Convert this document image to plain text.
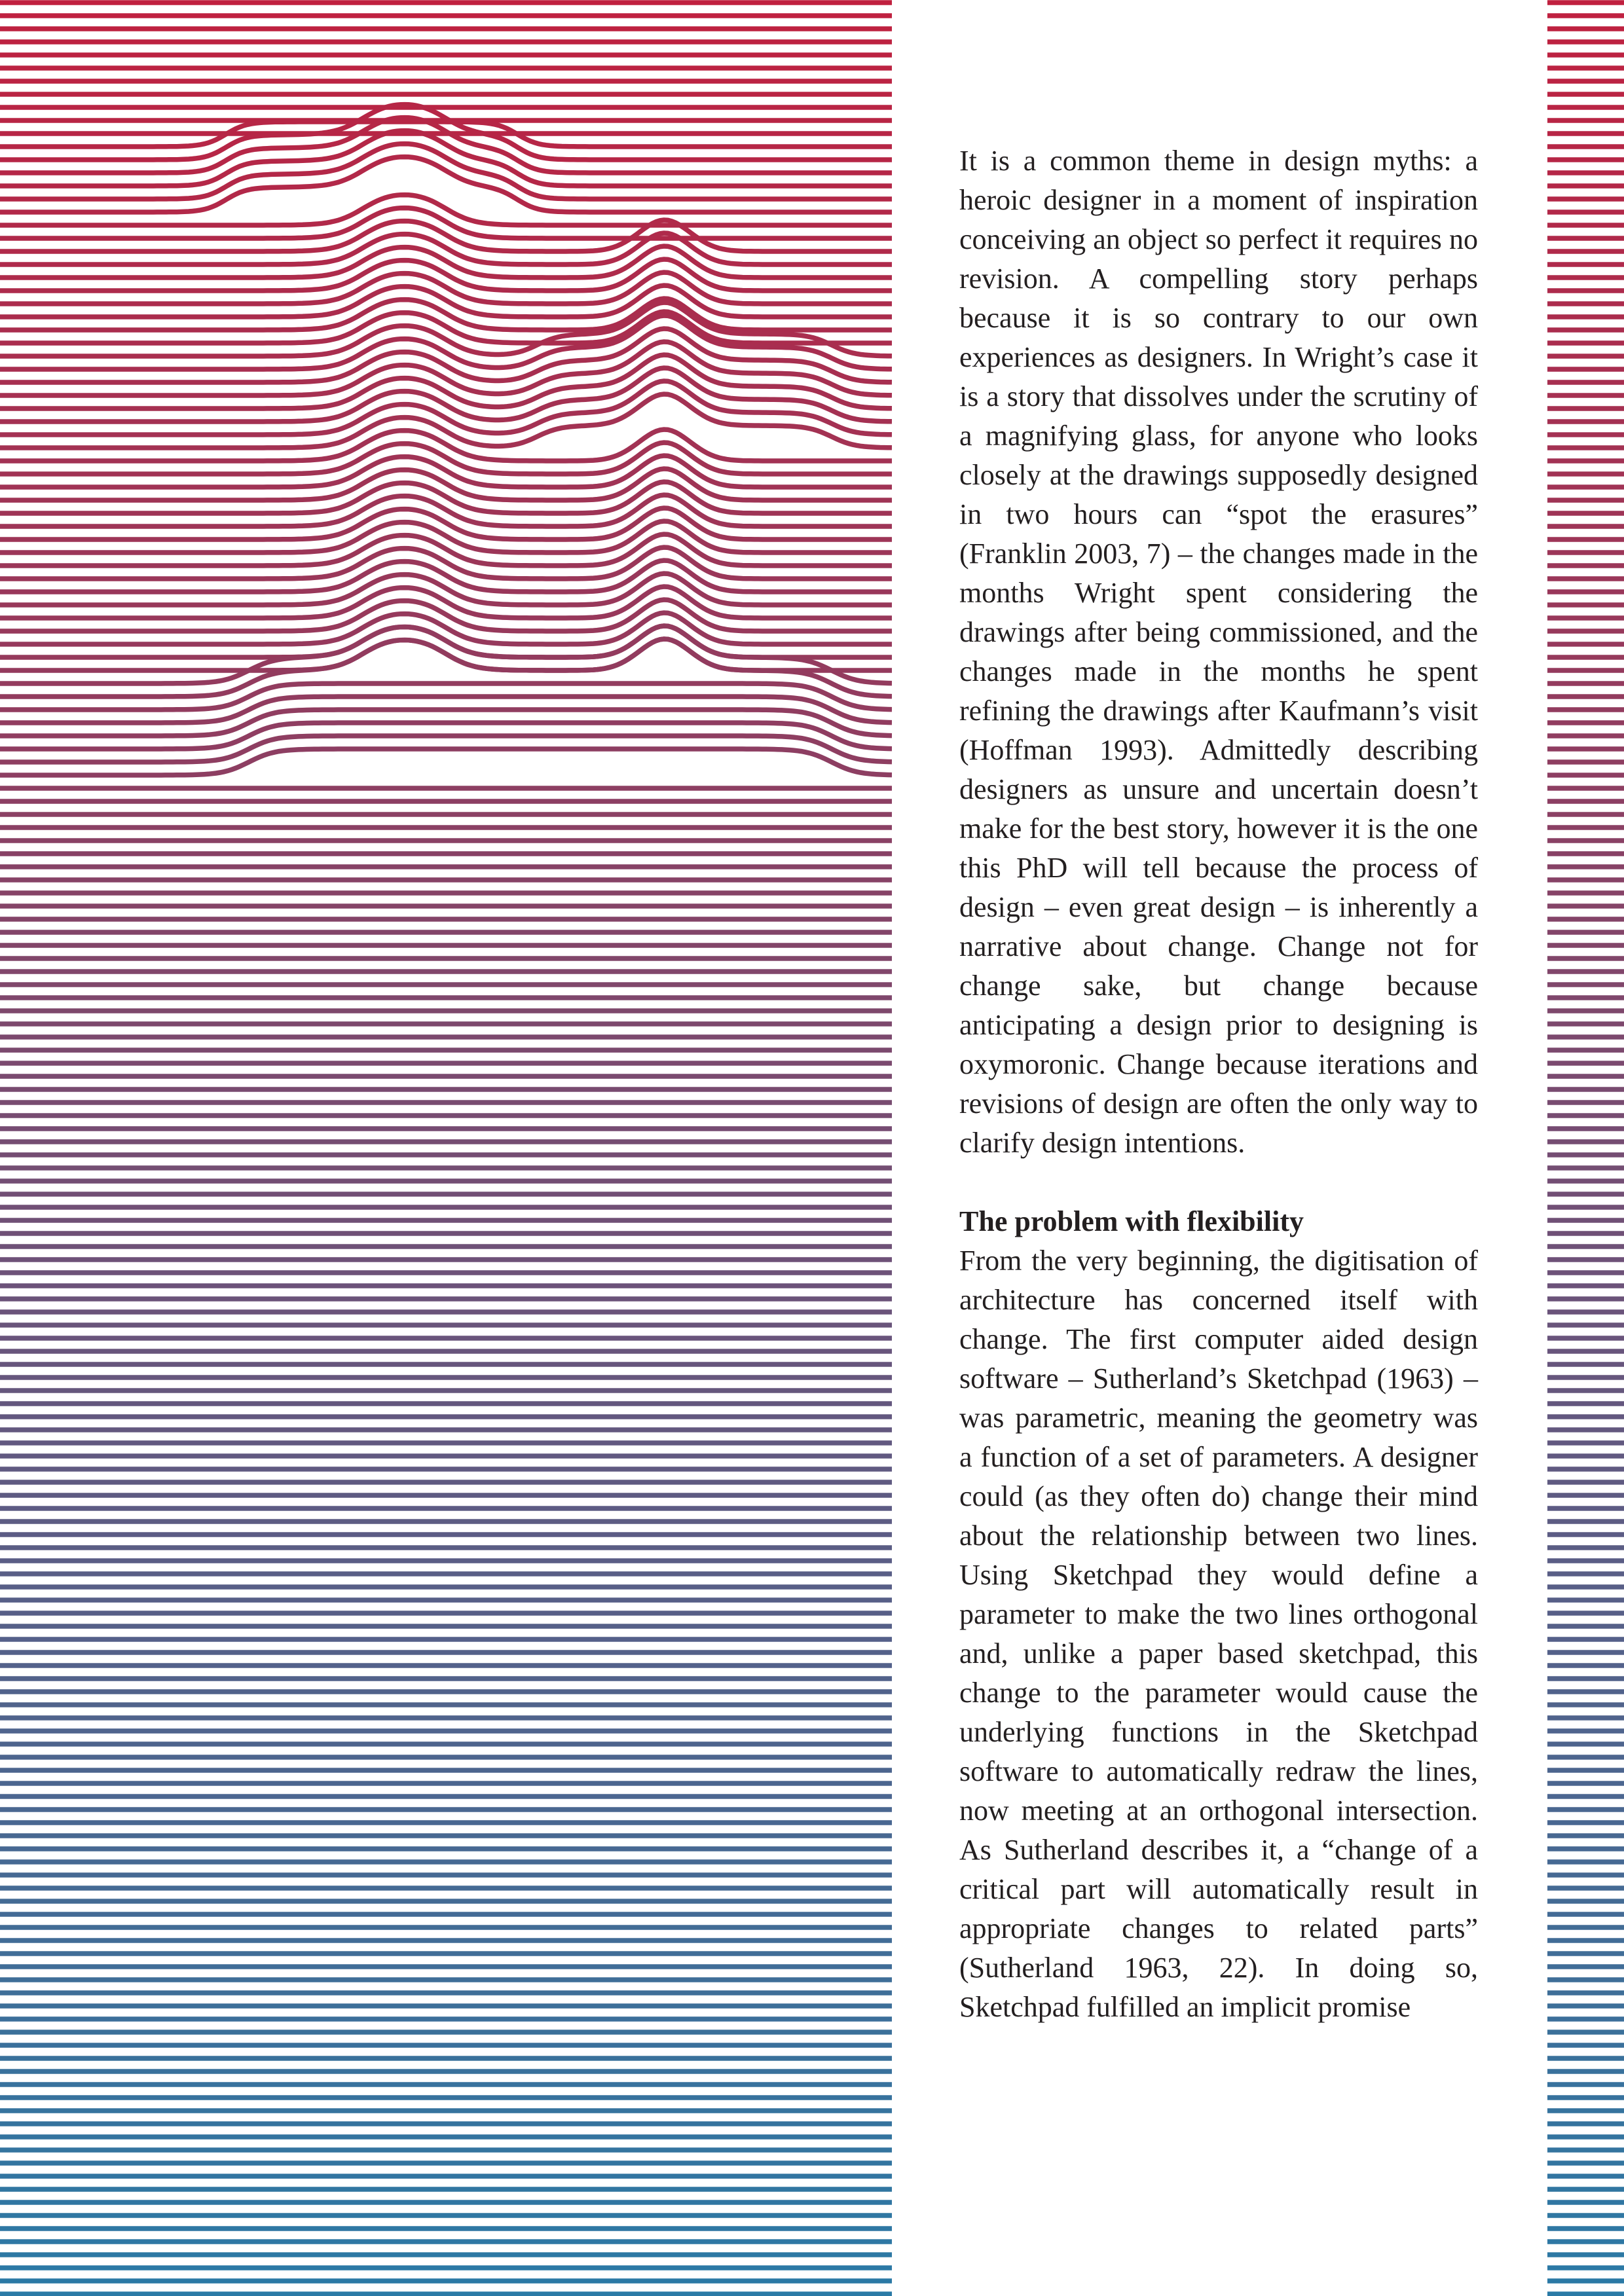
It is a common theme in design myths: a heroic designer in a moment of inspiration conceiving an object so perfect it requires no revision. A compelling story perhaps because it is so contrary to our own experiences as designers. In Wright’s case it is a story that dissolves under the scrutiny of a magnifying glass, for anyone who looks closely at the drawings supposedly designed in two hours can “spot the erasures” (Franklin 2003, 7) – the changes made in the months Wright spent considering the drawings after being commissioned, and the changes made in the months he spent refining the drawings after Kaufmann’s visit (Hoffman 1993). Admittedly describing designers as unsure and uncertain doesn’t make for the best story, however it is the one this PhD will tell because the process of design – even great design – is inherently a narrative about change. Change not for change sake, but change because anticipating a design prior to designing is oxymoronic. Change because iterations and revisions of design are often the only way to clarify design intentions.

The problem with flexibility

From the very beginning, the digitisation of architecture has concerned itself with change. The first computer aided design software – Sutherland’s Sketchpad (1963) – was parametric, meaning the geometry was a function of a set of parameters. A designer could (as they often do) change their mind about the relationship between two lines. Using Sketchpad they would define a parameter to make the two lines orthogonal and, unlike a paper based sketchpad, this change to the parameter would cause the underlying functions in the Sketchpad software to automatically redraw the lines, now meeting at an orthogonal intersection. As Sutherland describes it, a “change of a critical part will automatically result in appropriate changes to related parts” (Sutherland 1963, 22). In doing so, Sketchpad fulfilled an implicit promise
